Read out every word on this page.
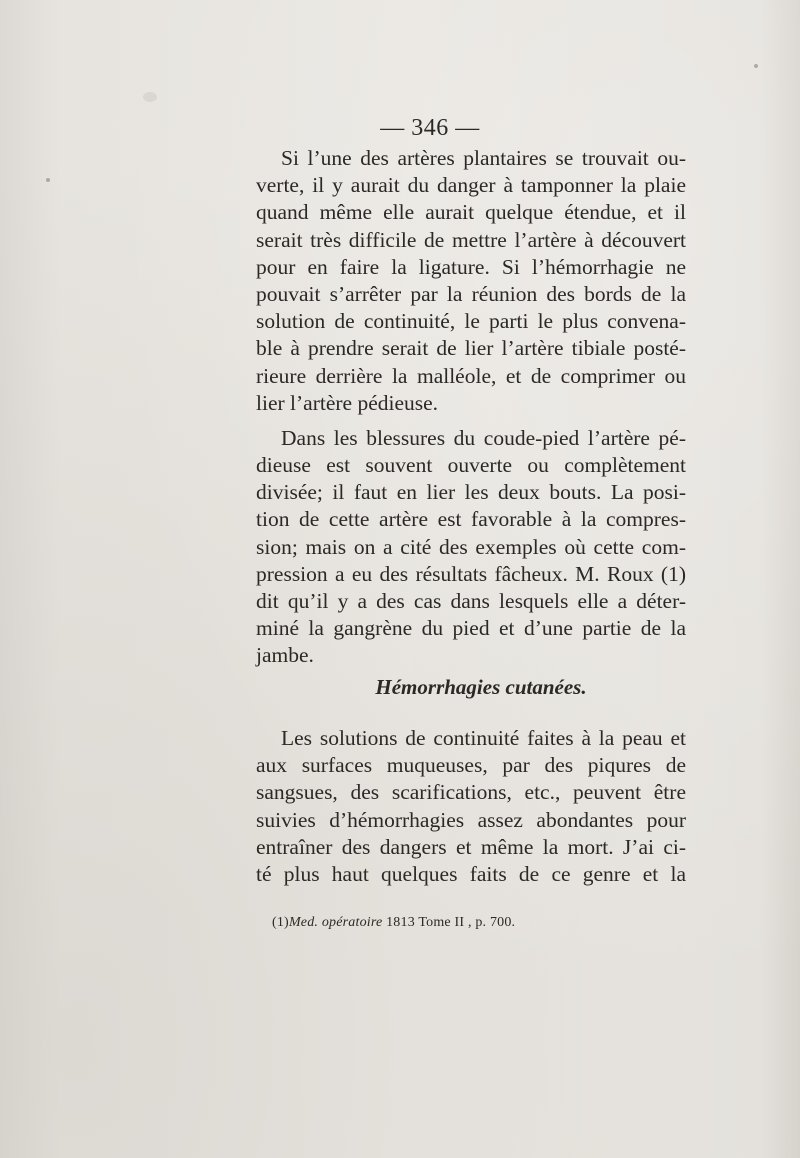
— 346 —
Si l’une des artères plantaires se trouvait ou-
verte, il y aurait du danger à tamponner la plaie
quand même elle aurait quelque étendue, et il
serait très difficile de mettre l’artère à découvert
pour en faire la ligature. Si l’hémorrhagie ne
pouvait s’arrêter par la réunion des bords de la
solution de continuité, le parti le plus convena-
ble à prendre serait de lier l’artère tibiale posté-
rieure derrière la malléole, et de comprimer ou
lier l’artère pédieuse.
Dans les blessures du coude-pied l’artère pé-
dieuse est souvent ouverte ou complètement
divisée; il faut en lier les deux bouts. La posi-
tion de cette artère est favorable à la compres-
sion; mais on a cité des exemples où cette com-
pression a eu des résultats fâcheux. M. Roux (1)
dit qu’il y a des cas dans lesquels elle a déter-
miné la gangrène du pied et d’une partie de la
jambe.
Hémorrhagies cutanées.
Les solutions de continuité faites à la peau et
aux surfaces muqueuses, par des piqures de
sangsues, des scarifications, etc., peuvent être
suivies d’hémorrhagies assez abondantes pour
entraîner des dangers et même la mort. J’ai ci-
té plus haut quelques faits de ce genre et la
(1)Med. opératoire 1813 Tome II , p. 700.
